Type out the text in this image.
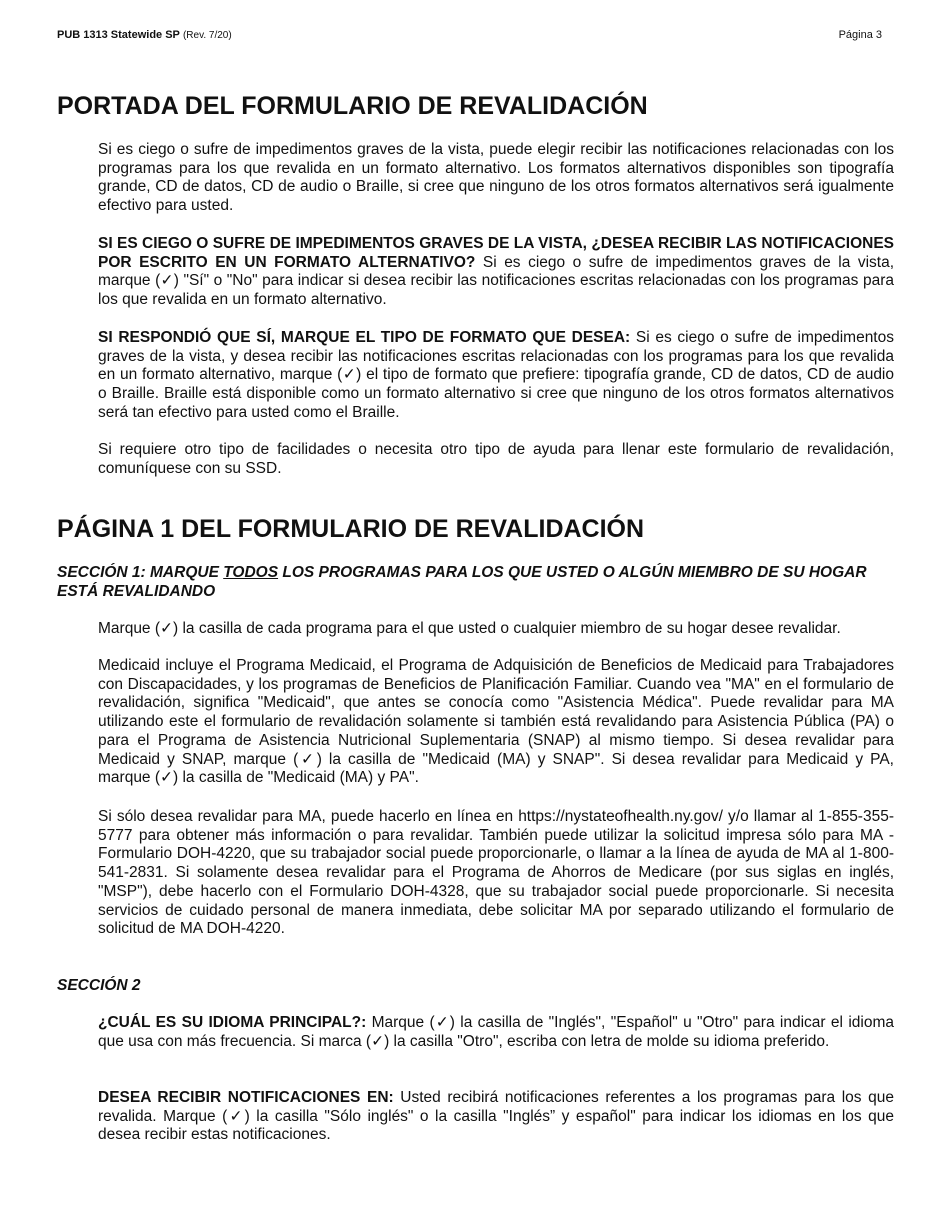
PUB 1313 Statewide SP (Rev. 7/20)	Página 3
PORTADA DEL FORMULARIO DE REVALIDACIÓN

Si es ciego o sufre de impedimentos graves de la vista, puede elegir recibir las notificaciones relacionadas con los programas para los que revalida en un formato alternativo. Los formatos alternativos disponibles son tipografía grande, CD de datos, CD de audio o Braille, si cree que ninguno de los otros formatos alternativos será igualmente efectivo para usted.

SI ES CIEGO O SUFRE DE IMPEDIMENTOS GRAVES DE LA VISTA, ¿DESEA RECIBIR LAS NOTIFICACIONES POR ESCRITO EN UN FORMATO ALTERNATIVO? Si es ciego o sufre de impedimentos graves de la vista, marque (✓) "Sí" o "No" para indicar si desea recibir las notificaciones escritas relacionadas con los programas para los que revalida en un formato alternativo.

SI RESPONDIÓ QUE SÍ, MARQUE EL TIPO DE FORMATO QUE DESEA: Si es ciego o sufre de impedimentos graves de la vista, y desea recibir las notificaciones escritas relacionadas con los programas para los que revalida en un formato alternativo, marque (✓) el tipo de formato que prefiere: tipografía grande, CD de datos, CD de audio o Braille. Braille está disponible como un formato alternativo si cree que ninguno de los otros formatos alternativos será tan efectivo para usted como el Braille.

Si requiere otro tipo de facilidades o necesita otro tipo de ayuda para llenar este formulario de revalidación, comuníquese con su SSD.

PÁGINA 1 DEL FORMULARIO DE REVALIDACIÓN

SECCIÓN 1: MARQUE TODOS LOS PROGRAMAS PARA LOS QUE USTED O ALGÚN MIEMBRO DE SU HOGAR ESTÁ REVALIDANDO

Marque (✓) la casilla de cada programa para el que usted o cualquier miembro de su hogar desee revalidar.

Medicaid incluye el Programa Medicaid, el Programa de Adquisición de Beneficios de Medicaid para Trabajadores con Discapacidades, y los programas de Beneficios de Planificación Familiar. Cuando vea "MA" en el formulario de revalidación, significa "Medicaid", que antes se conocía como "Asistencia Médica". Puede revalidar para MA utilizando este el formulario de revalidación solamente si también está revalidando para Asistencia Pública (PA) o para el Programa de Asistencia Nutricional Suplementaria (SNAP) al mismo tiempo. Si desea revalidar para Medicaid y SNAP, marque (✓) la casilla de "Medicaid (MA) y SNAP". Si desea revalidar para Medicaid y PA, marque (✓) la casilla de "Medicaid (MA) y PA".

Si sólo desea revalidar para MA, puede hacerlo en línea en https://nystateofhealth.ny.gov/ y/o llamar al 1-855-355-5777 para obtener más información o para revalidar. También puede utilizar la solicitud impresa sólo para MA - Formulario DOH-4220, que su trabajador social puede proporcionarle, o llamar a la línea de ayuda de MA al 1-800-541-2831. Si solamente desea revalidar para el Programa de Ahorros de Medicare (por sus siglas en inglés, "MSP"), debe hacerlo con el Formulario DOH-4328, que su trabajador social puede proporcionarle. Si necesita servicios de cuidado personal de manera inmediata, debe solicitar MA por separado utilizando el formulario de solicitud de MA DOH-4220.

SECCIÓN 2

¿CUÁL ES SU IDIOMA PRINCIPAL?: Marque (✓) la casilla de "Inglés", "Español" u "Otro" para indicar el idioma que usa con más frecuencia. Si marca (✓) la casilla "Otro", escriba con letra de molde su idioma preferido.

DESEA RECIBIR NOTIFICACIONES EN: Usted recibirá notificaciones referentes a los programas para los que revalida. Marque (✓) la casilla "Sólo inglés" o la casilla "Inglés” y español" para indicar los idiomas en los que desea recibir estas notificaciones.
